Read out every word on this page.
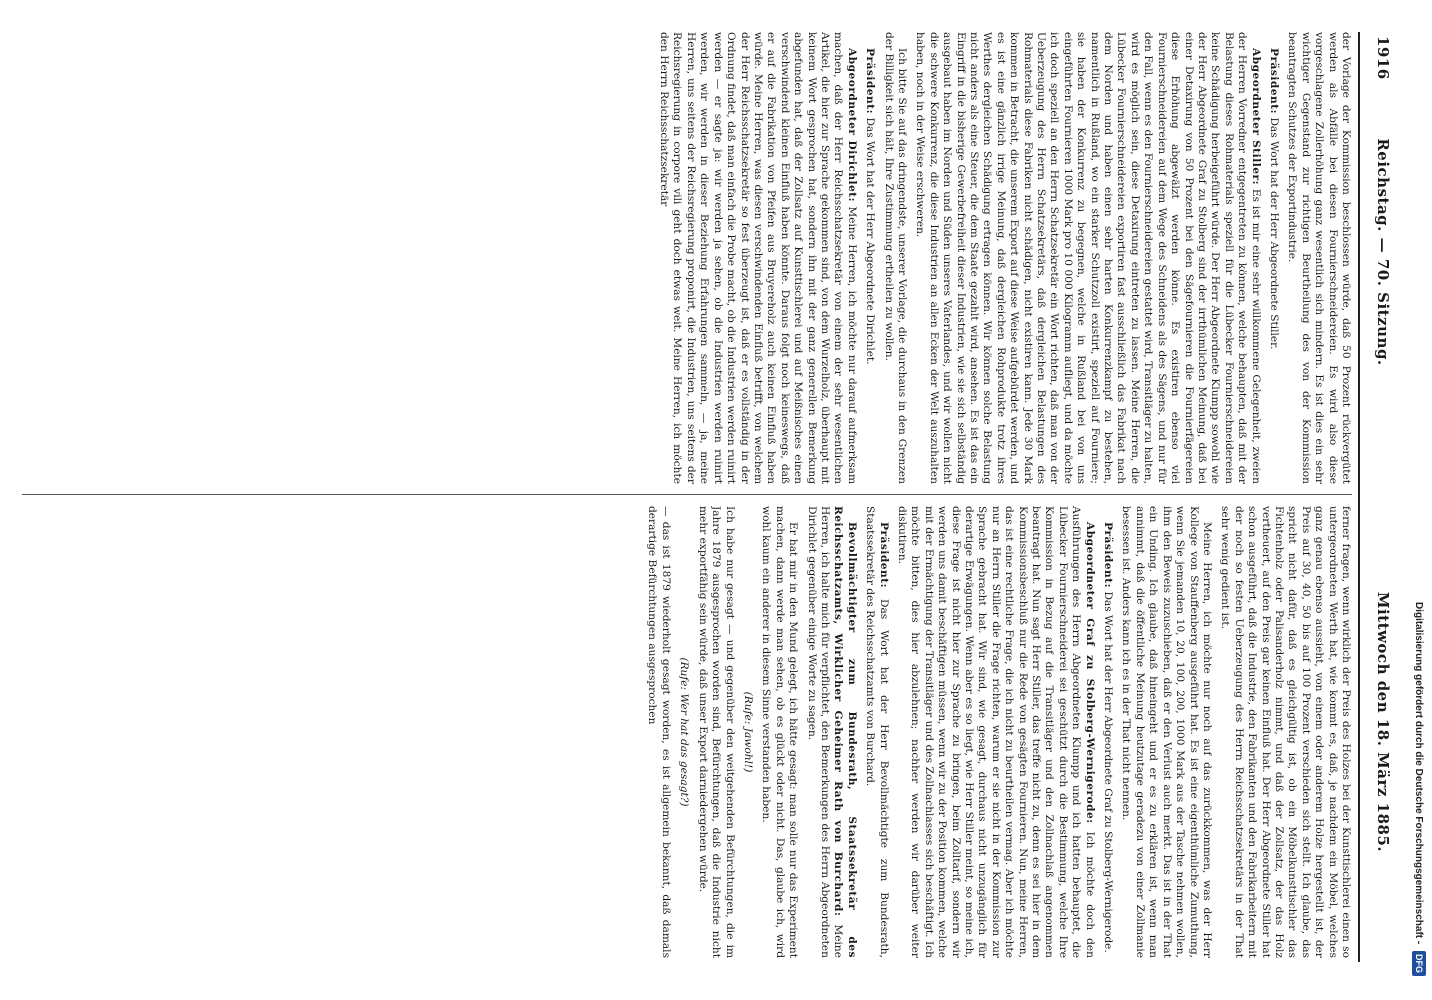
1916
Reichstag. — 70. Sitzung.
Mittwoch den 18. März 1885.

der Vorlage der Kommission beschlossen würde, daß 50 Prozent rückvergütet werden als Abfälle bei diesen Fournierschneidereien. Es wird also diese vorgeschlagene Zollerhöhung ganz wesentlich sich mindern. Es ist dies ein sehr wichtiger Gegenstand zur richtigen Beurtheilung des von der Kommission beantragten Schutzes der Exportindustrie.

Präsident: Das Wort hat der Herr Abgeordnete Stiller.

Abgeordneter Stiller: Es ist mir eine sehr willkommene Gelegenheit, zweien der Herren Vorredner entgegentreten zu können, welche behaupten, daß mit der Belastung dieses Rohmaterials speziell für die Lübecker Fournierschneidereien keine Schädigung herbeigeführt würde. Der Herr Abgeordnete Klumpp sowohl wie der Herr Abgeordnete Graf zu Stolberg sind der irrthümlichen Meinung, daß bei einer Detaxirung von 50 Prozent bei den Sägefournieren die Fournierfägereien diese Erhöhung abgewälzt werden könne. Es existiren ebenso viel Fournierschneidereien auf dem Wege des Schneidens als des Sägens, und nur für den Fall, wenn es den Fournierschneidereien gestattet wird, Transitläger zu halten, wird es möglich sein, diese Detaxirung eintreten zu lassen. Meine Herren, die Lübecker Fournierschneidereien exportiren fast ausschließlich das Fabrikat nach dem Norden und haben einen sehr harten Konkurrenzkampf zu bestehen, namentlich in Rußland, wo ein starker Schutzzoll existirt, speziell auf Fourniere; sie haben der Konkurrenz zu begegnen, welche in Rußland bei von uns eingeführten Fournieren 1000 Mark pro 10 000 Kilogramm aufliegt, und da möchte ich doch speziell an den Herrn Schatzsekretär ein Wort richten, daß man von der Ueberzeugung des Herrn Schatzsekretärs, daß dergleichen Belastungen des Rohmaterials diese Fabriken nicht schädigen, nicht existiren kann. Jede 30 Mark kommen in Betracht, die unserem Export auf diese Weise aufgebürdet werden, und es ist eine gänzlich irrige Meinung, daß dergleichen Rohprodukte trotz ihres Werthes dergleichen Schädigung ertragen können. Wir können solche Belastung nicht anders als eine Steuer, die dem Staate gezahlt wird, ansehen. Es ist das ein Eingriff in die bisherige Gewerbefreiheit dieser Industrien, wie sie sich selbständig ausgebaut haben im Norden und Süden unseres Vaterlandes, und wir wollen nicht die schwere Konkurrenz, die diese Industrien an allen Ecken der Welt auszuhalten haben, noch in der Weise erschweren.

Ich bitte Sie auf das dringendste, unserer Vorlage, die durchaus in den Grenzen der Billigkeit sich hält, Ihre Zustimmung ertheilen zu wollen.

Präsident: Das Wort hat der Herr Abgeordnete Dirichlet.

Abgeordneter Dirichlet: Meine Herren, ich möchte nur darauf aufmerksam machen, daß der Herr Reichsschatzsekretär von einem der sehr wesentlichen Artikel, die hier zur Sprache gekommen sind, von dem Wurzelholz, überhaupt mit keinem Wort gesprochen hat, sondern ihn mit der ganz generellen Bemerkung abgefunden hat, daß der Zollsatz auf Kunsttischlerei und auf Meißnisches einen verschwindend kleinen Einfluß haben könnte. Daraus folgt noch keineswegs, daß er auf die Fabrikation von Pfeifen aus Bruyereholz auch keinen Einfluß haben würde. Meine Herren, was diesen verschwindenden Einfluß betrifft, von welchem der Herr Reichsschatzsekretär so fest überzeugt ist, daß er es vollständig in der Ordnung findet, daß man einfach die Probe macht, ob die Industrien werden ruinirt werden — er sagte ja: wir werden ja sehen, ob die Industrien werden ruinirt werden, wir werden in dieser Beziehung Erfahrungen sammeln, — ja, meine Herren, uns seitens der Reichsregierung proponirt, die Industrien, uns seitens der Reichsregierung in corpore vili geht doch etwas weit. Meine Herren, ich möchte den Herrn Reichsschatzsekretär

ferner fragen, wenn wirklich der Preis des Holzes bei der Kunsttischlerei einen so untergeordneten Werth hat, wie kommt es, daß, je nachdem ein Möbel, welches ganz genau ebenso aussieht, von einem oder anderem Holze hergestellt ist, der Preis auf 30, 40, 50 bis auf 100 Prozent verschieden sich stellt. Ich glaube, das spricht nicht dafür, daß es gleichgültig ist, ob ein Möbelkunsttischler das Fichtenholz oder Palisanderholz nimmt, und daß der Zollsatz, der das Holz vertheuert, auf den Preis gar keinen Einfluß hat. Der Herr Abgeordnete Stiller hat schon ausgeführt, daß die Industrie, den Fabrikanten und den Fabrikarbeitern mit der noch so festen Ueberzeugung des Herrn Reichsschatzsekretärs in der That sehr wenig gedient ist.

Meine Herren, ich möchte nur noch auf das zurückkommen, was der Herr Kollege von Stauffenberg ausgeführt hat. Es ist eine eigenthümliche Zumuthung, wenn Sie jemanden 10, 20, 100, 200, 1000 Mark aus der Tasche nehmen wollen, ihm den Beweis zuzuschieben, daß er den Verlust auch merkt. Das ist in der That ein Unding. Ich glaube, daß hineingeht und er es zu erklären ist, wenn man annimmt, daß die öffentliche Meinung heutzutage geradezu von einer Zollmanie besessen ist. Anders kann ich es in der That nicht nennen.

Präsident: Das Wort hat der Herr Abgeordnete Graf zu Stolberg-Wernigerode.

Abgeordneter Graf zu Stolberg-Wernigerode: Ich möchte doch den Ausführungen des Herrn Abgeordneten Klumpp und ich hatten behauptet, die Lübecker Fournierschneiderei sei geschützt durch die Bestimmung, welche Ihre Kommission in Bezug auf die Transitläger und den Zollnachlaß angenommen beantragt hat. Nun sagt Herr Stiller, das treffe nicht zu, denn es sei hier in dem Kommissionsbeschluß nur die Rede von gesägten Fournieren. Nun, meine Herren, das ist eine rechtliche Frage, die ich nicht zu beurtheilen vermag. Aber ich möchte nur an Herrn Stiller die Frage richten, warum er sie nicht in der Kommission zur Sprache gebracht hat. Wir sind, wie gesagt, durchaus nicht unzugänglich für derartige Erwägungen. Wenn aber es so liegt, wie Herr Stiller meint, so meine ich, diese Frage ist nicht hier zur Sprache zu bringen, beim Zolltarif, sondern wir werden uns damit beschäftigen müssen, wenn wir zu der Position kommen, welche mit der Ermächtigung der Transitläger und des Zollnachlasses sich beschäftigt. Ich möchte bitten, dies hier abzulehnen; nachher werden wir darüber weiter diskutiren.

Präsident: Das Wort hat der Herr Bevollmächtigte zum Bundesrath, Staatssekretär des Reichsschatzamts von Burchard.

Bevollmächtigter zum Bundesrath, Staatssekretär des Reichsschatzamts, Wirklicher Geheimer Rath von Burchard: Meine Herren, ich halte mich für verpflichtet, den Bemerkungen des Herrn Abgeordneten Dirichlet gegenüber einige Worte zu sagen.

Er hat mir in den Mund gelegt, ich hätte gesagt: man solle nur das Experiment machen, dann werde man sehen, ob es glückt oder nicht. Das, glaube ich, wird wohl kaum ein anderer in diesem Sinne verstanden haben.

(Rufe: Jawohl!)

Ich habe nur gesagt — und gegenüber den weitgehenden Befürchtungen, die im Jahre 1879 ausgesprochen worden sind, Befürchtungen, daß die Industrie nicht mehr exportfähig sein würde, daß unser Export darniedergehen würde.

(Rufe: Wer hat das gesagt?)

— das ist 1879 wiederholt gesagt worden, es ist allgemein bekannt, daß damals derartige Befürchtungen ausgesprochen	Digitalisierung gefördert durch die Deutsche Forschungsgemeinschaft - DFG
